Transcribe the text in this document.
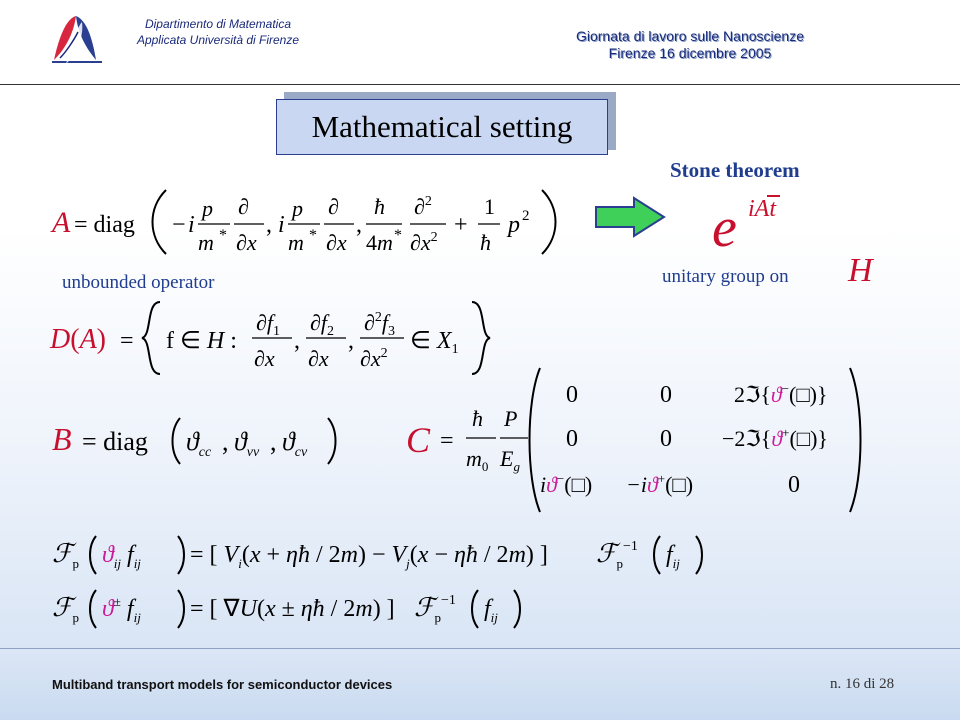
Dipartimento di Matematica
Applicata Università di Firenze	Giornata di lavoro sulle Nanoscienze
Firenze 16 dicembre 2005
Mathematical setting
A = diag − i
p
m *
∂
∂x
, i
p
m *
∂
∂x
,
ħ
4m *
∂$^2$
$\partial x^2$ +
1
ħ
p 2
Stone theorem
e iAt
unbounded operator	unitary group on H
D(A) = f ∈ H :
$\partial f_1$
∂x
,
$\partial f_2$
∂x
,
$\partial^2f_3$
$\partial x^2$ ∈ $X_1$
B = diag $ϑ_{cc}$ , $ϑ_{vv}$ , $ϑ_{cv}$	C =
ħ
$m_0$
P
$E_g$
0	0	2ℑ{ϑ−(□)}
0	0 −2ℑ{ϑ+(□)}
iϑ−(□) −iϑ+(□)	0
ℱ$_p$ $ϑ_{ij}$ $f_{ij}$ = [ $V_i(x$ + ηħ / $2m) - V_j(x$ − ηħ / 2m) ] ℱ$_p^{-1}$ $f_{ij}$
ℱ$_p$ ϑ± $f_{ij}$ = [ ∇U(x ± ηħ / 2m) ] ℱ$_p^{-1}$ $f_{ij}$
Multiband transport models for semiconductor devices	n. 16 di 28
